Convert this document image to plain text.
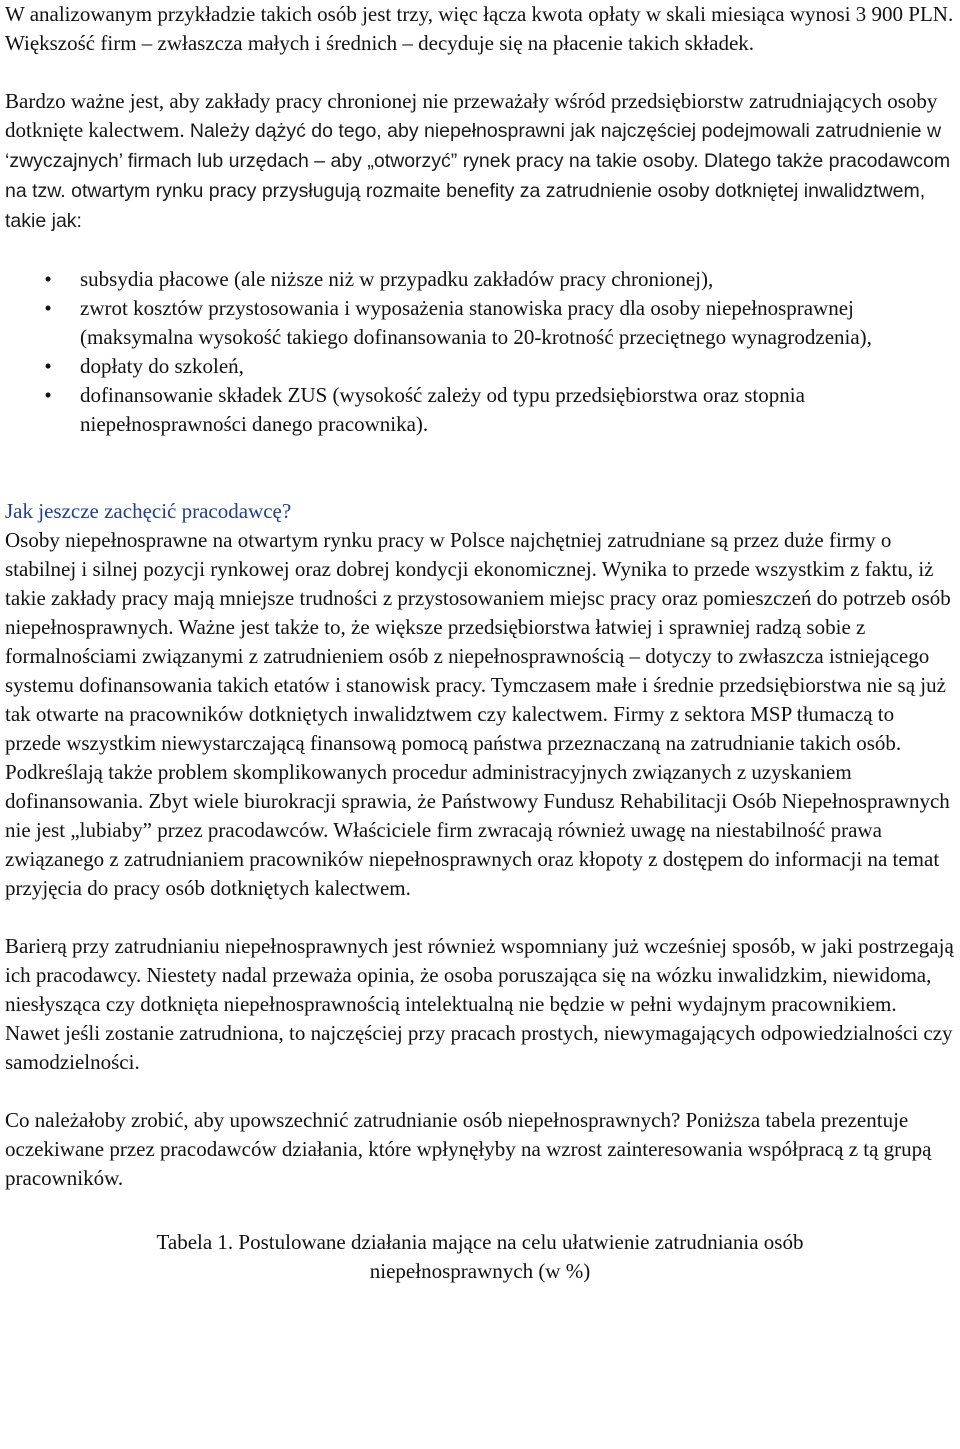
W analizowanym przykładzie takich osób jest trzy, więc łącza kwota opłaty w skali miesiąca wynosi 3 900 PLN. Większość firm – zwłaszcza małych i średnich – decyduje się na płacenie takich składek.

Bardzo ważne jest, aby zakłady pracy chronionej nie przeważały wśród przedsiębiorstw zatrudniających osoby dotknięte kalectwem. Należy dążyć do tego, aby niepełnosprawni jak najczęściej podejmowali zatrudnienie w ‘zwyczajnych’ firmach lub urzędach – aby „otworzyć” rynek pracy na takie osoby. Dlatego także pracodawcom na tzw. otwartym rynku pracy przysługują rozmaite benefity za zatrudnienie osoby dotkniętej inwalidztwem, takie jak:

• subsydia płacowe (ale niższe niż w przypadku zakładów pracy chronionej),
• zwrot kosztów przystosowania i wyposażenia stanowiska pracy dla osoby niepełnosprawnej (maksymalna wysokość takiego dofinansowania to 20-krotność przeciętnego wynagrodzenia),
• dopłaty do szkoleń,
• dofinansowanie składek ZUS (wysokość zależy od typu przedsiębiorstwa oraz stopnia niepełnosprawności danego pracownika).
Jak jeszcze zachęcić pracodawcę?

Osoby niepełnosprawne na otwartym rynku pracy w Polsce najchętniej zatrudniane są przez duże firmy o stabilnej i silnej pozycji rynkowej oraz dobrej kondycji ekonomicznej. Wynika to przede wszystkim z faktu, iż takie zakłady pracy mają mniejsze trudności z przystosowaniem miejsc pracy oraz pomieszczeń do potrzeb osób niepełnosprawnych. Ważne jest także to, że większe przedsiębiorstwa łatwiej i sprawniej radzą sobie z formalnościami związanymi z zatrudnieniem osób z niepełnosprawnością – dotyczy to zwłaszcza istniejącego systemu dofinansowania takich etatów i stanowisk pracy. Tymczasem małe i średnie przedsiębiorstwa nie są już tak otwarte na pracowników dotkniętych inwalidztwem czy kalectwem. Firmy z sektora MSP tłumaczą to przede wszystkim niewystarczającą finansową pomocą państwa przeznaczaną na zatrudnianie takich osób. Podkreślają także problem skomplikowanych procedur administracyjnych związanych z uzyskaniem dofinansowania. Zbyt wiele biurokracji sprawia, że Państwowy Fundusz Rehabilitacji Osób Niepełnosprawnych nie jest „lubiaby” przez pracodawców. Właściciele firm zwracają również uwagę na niestabilność prawa związanego z zatrudnianiem pracowników niepełnosprawnych oraz kłopoty z dostępem do informacji na temat przyjęcia do pracy osób dotkniętych kalectwem.

Barierą przy zatrudnianiu niepełnosprawnych jest również wspomniany już wcześniej sposób, w jaki postrzegają ich pracodawcy. Niestety nadal przeważa opinia, że osoba poruszająca się na wózku inwalidzkim, niewidoma, niesłysząca czy dotknięta niepełnosprawnością intelektualną nie będzie w pełni wydajnym pracownikiem. Nawet jeśli zostanie zatrudniona, to najczęściej przy pracach prostych, niewymagających odpowiedzialności czy samodzielności.

Co należałoby zrobić, aby upowszechnić zatrudnianie osób niepełnosprawnych? Poniższa tabela prezentuje oczekiwane przez pracodawców działania, które wpłynęłyby na wzrost zainteresowania współpracą z tą grupą pracowników.

Tabela 1. Postulowane działania mające na celu ułatwienie zatrudniania osób
niepełnosprawnych (w %)
